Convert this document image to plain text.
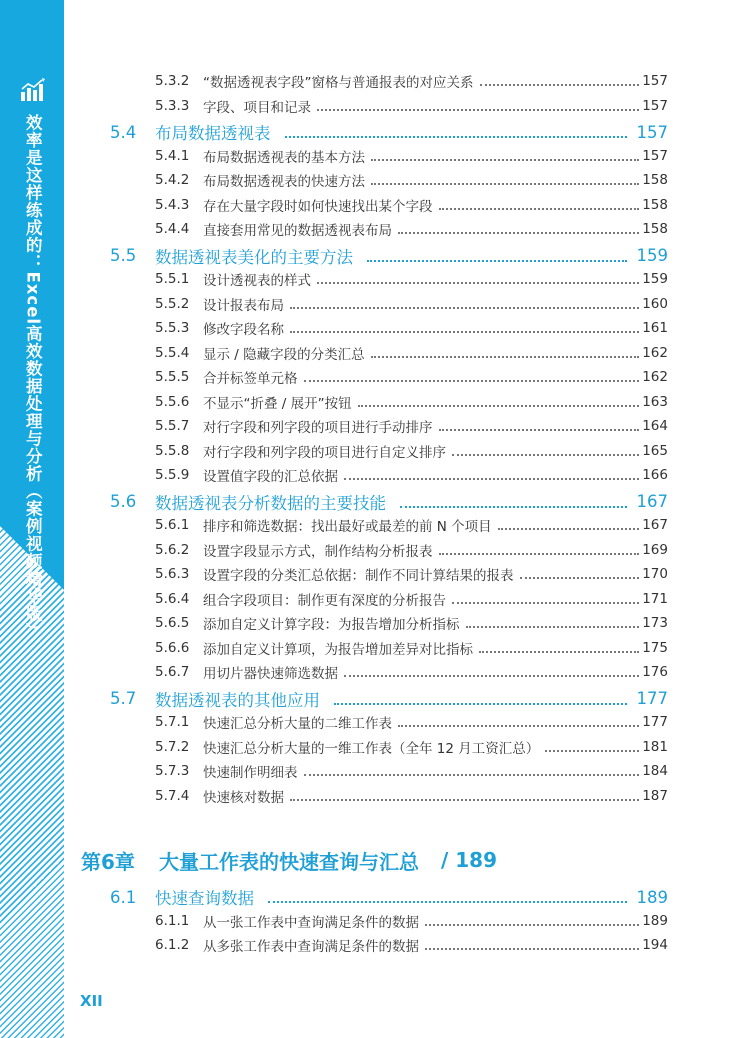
效率是这样练成的：Excel高效数据处理与分析（案例视频精华版）
5.3.2	“数据透视表字段”窗格与普通报表的对应关系	157
5.3.3	字段、项目和记录	157
5.4	布局数据透视表	157
5.4.1	布局数据透视表的基本方法	157
5.4.2	布局数据透视表的快速方法	158
5.4.3	存在大量字段时如何快速找出某个字段	158
5.4.4	直接套用常见的数据透视表布局	158
5.5	数据透视表美化的主要方法	159
5.5.1	设计透视表的样式	159
5.5.2	设计报表布局	160
5.5.3	修改字段名称	161
5.5.4	显示 / 隐藏字段的分类汇总	162
5.5.5	合并标签单元格	162
5.5.6	不显示“折叠 / 展开”按钮	163
5.5.7	对行字段和列字段的项目进行手动排序	164
5.5.8	对行字段和列字段的项目进行自定义排序	165
5.5.9	设置值字段的汇总依据	166
5.6	数据透视表分析数据的主要技能	167
5.6.1	排序和筛选数据：找出最好或最差的前 N 个项目	167
5.6.2	设置字段显示方式，制作结构分析报表	169
5.6.3	设置字段的分类汇总依据：制作不同计算结果的报表	170
5.6.4	组合字段项目：制作更有深度的分析报告	171
5.6.5	添加自定义计算字段：为报告增加分析指标	173
5.6.6	添加自定义计算项，为报告增加差异对比指标	175
5.6.7	用切片器快速筛选数据	176
5.7	数据透视表的其他应用	177
5.7.1	快速汇总分析大量的二维工作表	177
5.7.2	快速汇总分析大量的一维工作表（全年 12 月工资汇总）	181
5.7.3	快速制作明细表	184
5.7.4	快速核对数据	187
6.1	快速查询数据	189
6.1.1	从一张工作表中查询满足条件的数据	189
6.1.2	从多张工作表中查询满足条件的数据	194
第6章	大量工作表的快速查询与汇总 / 189
XII
